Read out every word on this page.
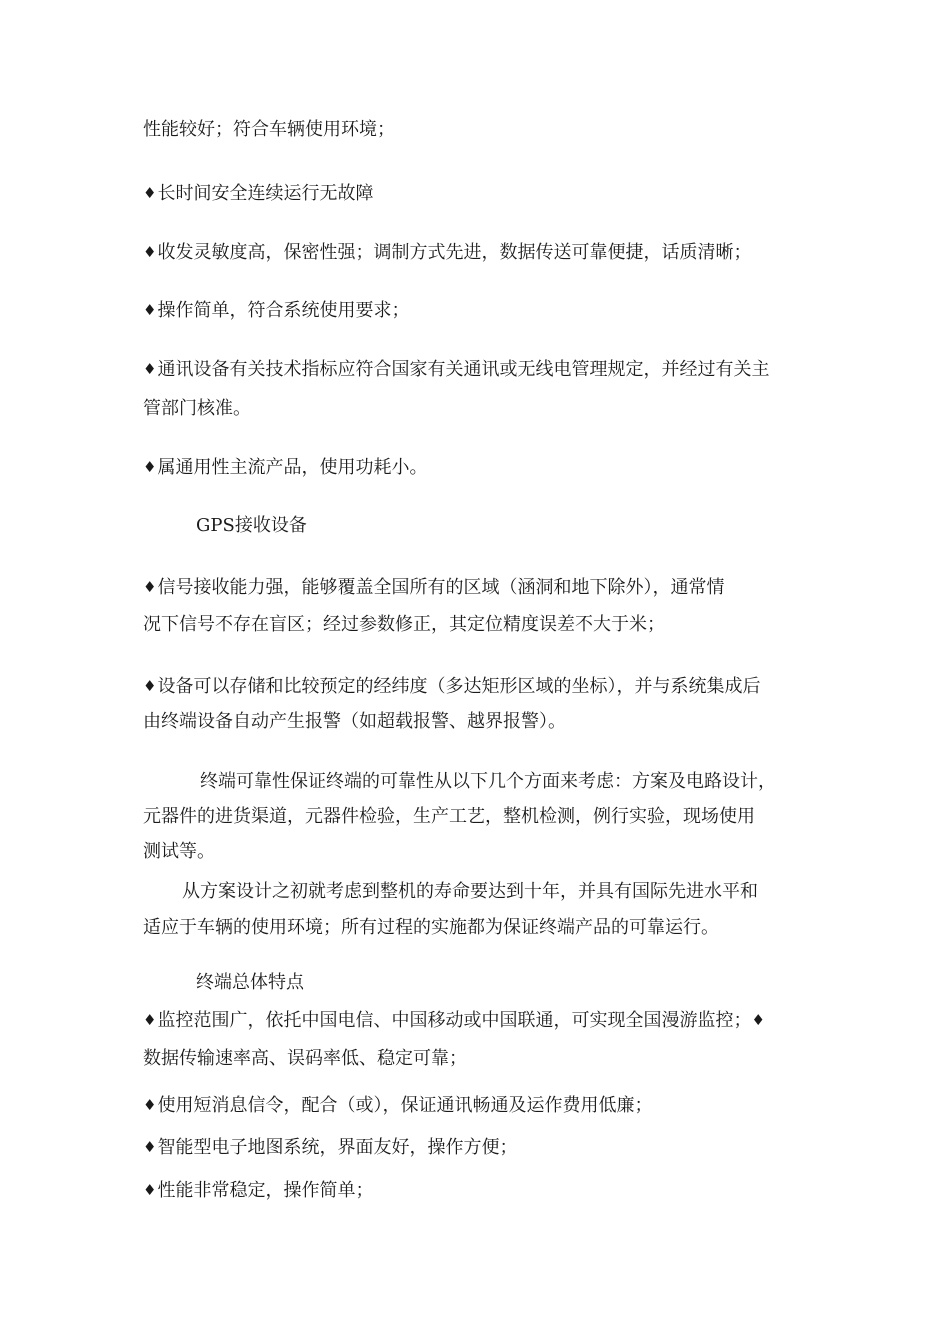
性能较好；符合车辆使用环境；
♦长时间安全连续运行无故障
♦收发灵敏度高，保密性强；调制方式先进，数据传送可靠便捷，话质清晰；
♦操作简单，符合系统使用要求；
♦通讯设备有关技术指标应符合国家有关通讯或无线电管理规定，并经过有关主
管部门核准。
♦属通用性主流产品，使用功耗小。
GPS接收设备
♦信号接收能力强，能够覆盖全国所有的区域（涵洞和地下除外），通常情
况下信号不存在盲区；经过参数修正，其定位精度误差不大于米；
♦设备可以存储和比较预定的经纬度（多达矩形区域的坐标），并与系统集成后
由终端设备自动产生报警（如超载报警、越界报警）。
终端可靠性保证终端的可靠性从以下几个方面来考虑：方案及电路设计，
元器件的进货渠道，元器件检验，生产工艺，整机检测，例行实验，现场使用
测试等。
从方案设计之初就考虑到整机的寿命要达到十年，并具有国际先进水平和
适应于车辆的使用环境；所有过程的实施都为保证终端产品的可靠运行。
终端总体特点
♦监控范围广，依托中国电信、中国移动或中国联通，可实现全国漫游监控；♦
数据传输速率高、误码率低、稳定可靠；
♦使用短消息信令，配合（或），保证通讯畅通及运作费用低廉；
♦智能型电子地图系统，界面友好，操作方便；
♦性能非常稳定，操作简单；
